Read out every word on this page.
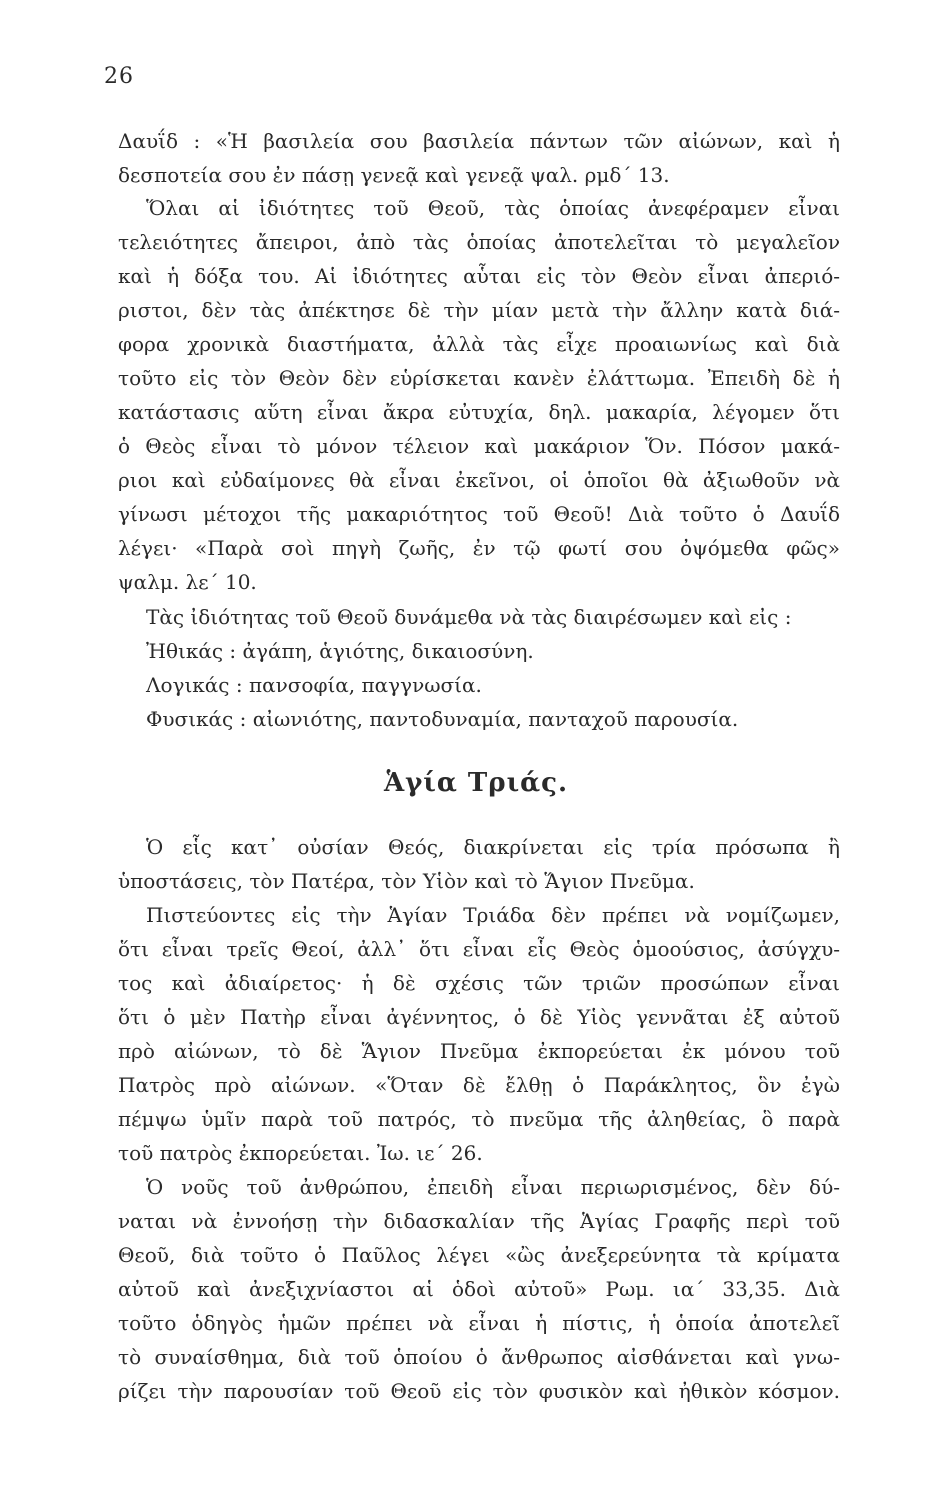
26
Δαυΐδ : «Ἡ βασιλεία σου βασιλεία πάντων τῶν αἰώνων, καὶ ἡ
δεσποτεία σου ἐν πάσῃ γενεᾷ καὶ γενεᾷ ψαλ. ρμδ΄ 13.
Ὅλαι αἱ ἰδιότητες τοῦ Θεοῦ, τὰς ὁποίας ἀνεφέραμεν εἶναι
τελειότητες ἄπειροι, ἀπὸ τὰς ὁποίας ἀποτελεῖται τὸ μεγαλεῖον
καὶ ἡ δόξα του. Αἱ ἰδιότητες αὗται εἰς τὸν Θεὸν εἶναι ἀπεριό-
ριστοι, δὲν τὰς ἀπέκτησε δὲ τὴν μίαν μετὰ τὴν ἄλλην κατὰ διά-
φορα χρονικὰ διαστήματα, ἀλλὰ τὰς εἶχε προαιωνίως καὶ διὰ
τοῦτο εἰς τὸν Θεὸν δὲν εὑρίσκεται κανὲν ἐλάττωμα. Ἐπειδὴ δὲ ἡ
κατάστασις αὕτη εἶναι ἄκρα εὐτυχία, δηλ. μακαρία, λέγομεν ὅτι
ὁ Θεὸς εἶναι τὸ μόνον τέλειον καὶ μακάριον Ὅν. Πόσον μακά-
ριοι καὶ εὐδαίμονες θὰ εἶναι ἐκεῖνοι, οἱ ὁποῖοι θὰ ἀξιωθοῦν νὰ
γίνωσι μέτοχοι τῆς μακαριότητος τοῦ Θεοῦ! Διὰ τοῦτο ὁ Δαυΐδ
λέγει· «Παρὰ σοὶ πηγὴ ζωῆς, ἐν τῷ φωτί σου ὀψόμεθα φῶς»
ψαλμ. λε΄ 10.
Τὰς ἰδιότητας τοῦ Θεοῦ δυνάμεθα νὰ τὰς διαιρέσωμεν καὶ εἰς :
Ἠθικάς : ἀγάπη, ἁγιότης, δικαιοσύνη.
Λογικάς : πανσοφία, παγγνωσία.
Φυσικάς : αἰωνιότης, παντοδυναμία, πανταχοῦ παρουσία.
Ἁγία Τριάς.
Ὁ εἷς κατ᾽ οὐσίαν Θεός, διακρίνεται εἰς τρία πρόσωπα ἢ
ὑποστάσεις, τὸν Πατέρα, τὸν Υἱὸν καὶ τὸ Ἅγιον Πνεῦμα.
Πιστεύοντες εἰς τὴν Ἁγίαν Τριάδα δὲν πρέπει νὰ νομίζωμεν,
ὅτι εἶναι τρεῖς Θεοί, ἀλλ᾽ ὅτι εἶναι εἷς Θεὸς ὁμοούσιος, ἀσύγχυ-
τος καὶ ἀδιαίρετος· ἡ δὲ σχέσις τῶν τριῶν προσώπων εἶναι
ὅτι ὁ μὲν Πατὴρ εἶναι ἀγέννητος, ὁ δὲ Υἱὸς γεννᾶται ἐξ αὐτοῦ
πρὸ αἰώνων, τὸ δὲ Ἅγιον Πνεῦμα ἐκπορεύεται ἐκ μόνου τοῦ
Πατρὸς πρὸ αἰώνων. «Ὅταν δὲ ἔλθῃ ὁ Παράκλητος, ὃν ἐγὼ
πέμψω ὑμῖν παρὰ τοῦ πατρός, τὸ πνεῦμα τῆς ἀληθείας, ὃ παρὰ
τοῦ πατρὸς ἐκπορεύεται. Ἰω. ιε΄ 26.
Ὁ νοῦς τοῦ ἀνθρώπου, ἐπειδὴ εἶναι περιωρισμένος, δὲν δύ-
ναται νὰ ἐννοήσῃ τὴν διδασκαλίαν τῆς Ἁγίας Γραφῆς περὶ τοῦ
Θεοῦ, διὰ τοῦτο ὁ Παῦλος λέγει «ὢς ἀνεξερεύνητα τὰ κρίματα
αὐτοῦ καὶ ἀνεξιχνίαστοι αἱ ὁδοὶ αὐτοῦ» Ρωμ. ια΄ 33,35. Διὰ
τοῦτο ὁδηγὸς ἡμῶν πρέπει νὰ εἶναι ἡ πίστις, ἡ ὁποία ἀποτελεῖ
τὸ συναίσθημα, διὰ τοῦ ὁποίου ὁ ἄνθρωπος αἰσθάνεται καὶ γνω-
ρίζει τὴν παρουσίαν τοῦ Θεοῦ εἰς τὸν φυσικὸν καὶ ἠθικὸν κόσμον.
